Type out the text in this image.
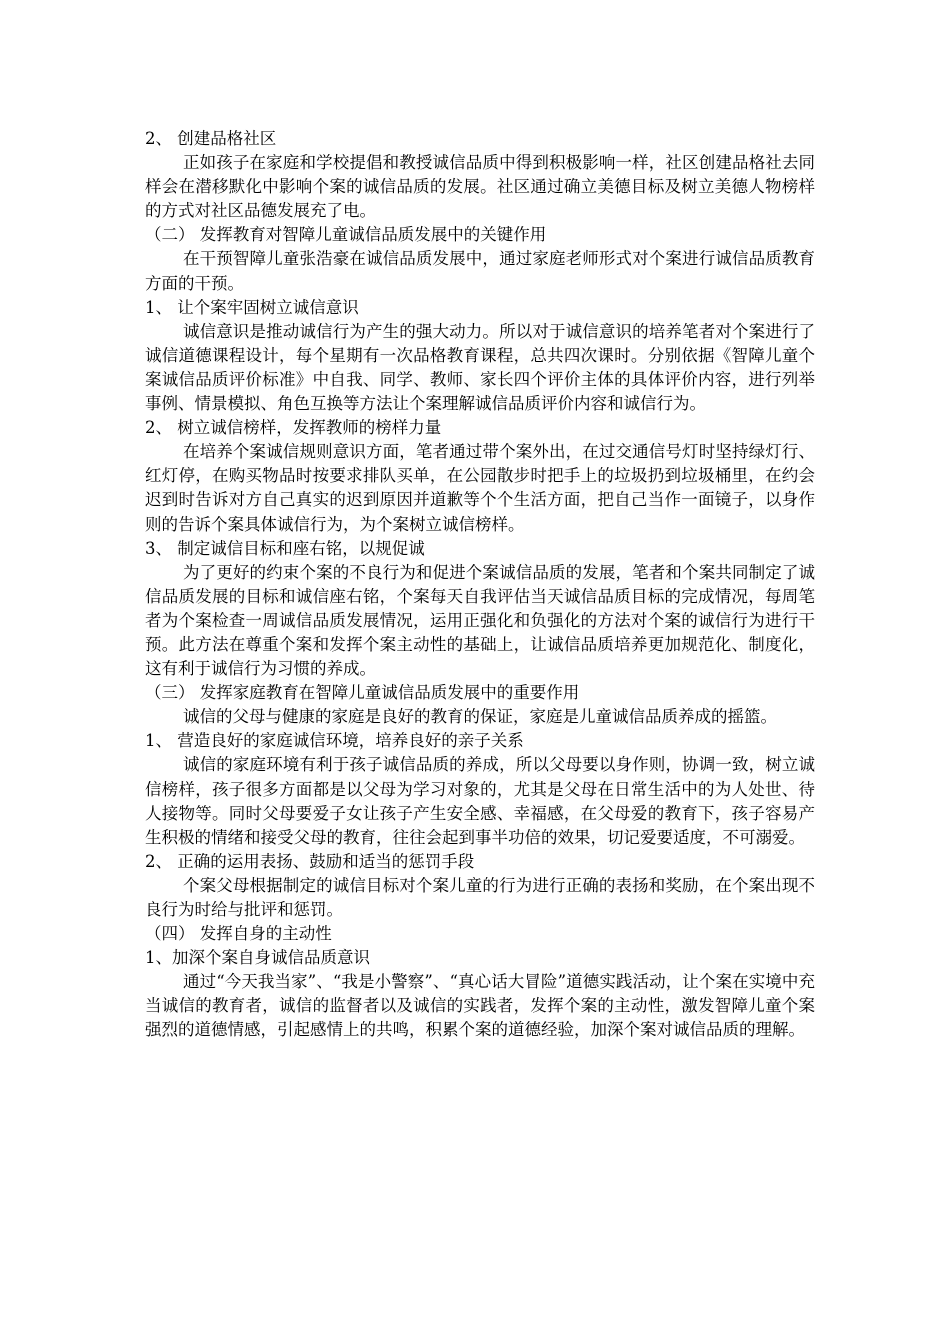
2、 创建品格社区

正如孩子在家庭和学校提倡和教授诚信品质中得到积极影响一样，社区创建品格社去同样会在潜移默化中影响个案的诚信品质的发展。社区通过确立美德目标及树立美德人物榜样的方式对社区品德发展充了电。

（二） 发挥教育对智障儿童诚信品质发展中的关键作用

在干预智障儿童张浩豪在诚信品质发展中，通过家庭老师形式对个案进行诚信品质教育方面的干预。

1、 让个案牢固树立诚信意识

诚信意识是推动诚信行为产生的强大动力。所以对于诚信意识的培养笔者对个案进行了诚信道德课程设计，每个星期有一次品格教育课程，总共四次课时。分别依据《智障儿童个案诚信品质评价标准》中自我、同学、教师、家长四个评价主体的具体评价内容，进行列举事例、情景模拟、角色互换等方法让个案理解诚信品质评价内容和诚信行为。

2、 树立诚信榜样，发挥教师的榜样力量

在培养个案诚信规则意识方面，笔者通过带个案外出，在过交通信号灯时坚持绿灯行、红灯停，在购买物品时按要求排队买单，在公园散步时把手上的垃圾扔到垃圾桶里，在约会迟到时告诉对方自己真实的迟到原因并道歉等个个生活方面，把自己当作一面镜子，以身作则的告诉个案具体诚信行为，为个案树立诚信榜样。

3、 制定诚信目标和座右铭，以规促诚

为了更好的约束个案的不良行为和促进个案诚信品质的发展，笔者和个案共同制定了诚信品质发展的目标和诚信座右铭，个案每天自我评估当天诚信品质目标的完成情况，每周笔者为个案检查一周诚信品质发展情况，运用正强化和负强化的方法对个案的诚信行为进行干预。此方法在尊重个案和发挥个案主动性的基础上，让诚信品质培养更加规范化、制度化，这有利于诚信行为习惯的养成。

（三） 发挥家庭教育在智障儿童诚信品质发展中的重要作用

诚信的父母与健康的家庭是良好的教育的保证，家庭是儿童诚信品质养成的摇篮。

1、 营造良好的家庭诚信环境，培养良好的亲子关系

诚信的家庭环境有利于孩子诚信品质的养成，所以父母要以身作则，协调一致，树立诚信榜样，孩子很多方面都是以父母为学习对象的，尤其是父母在日常生活中的为人处世、待人接物等。同时父母要爱子女让孩子产生安全感、幸福感，在父母爱的教育下，孩子容易产生积极的情绪和接受父母的教育，往往会起到事半功倍的效果，切记爱要适度，不可溺爱。

2、 正确的运用表扬、鼓励和适当的惩罚手段

个案父母根据制定的诚信目标对个案儿童的行为进行正确的表扬和奖励，在个案出现不良行为时给与批评和惩罚。

（四） 发挥自身的主动性

1、加深个案自身诚信品质意识

通过“今天我当家”、“我是小警察”、“真心话大冒险”道德实践活动，让个案在实境中充当诚信的教育者，诚信的监督者以及诚信的实践者，发挥个案的主动性，激发智障儿童个案强烈的道德情感，引起感情上的共鸣，积累个案的道德经验，加深个案对诚信品质的理解。
